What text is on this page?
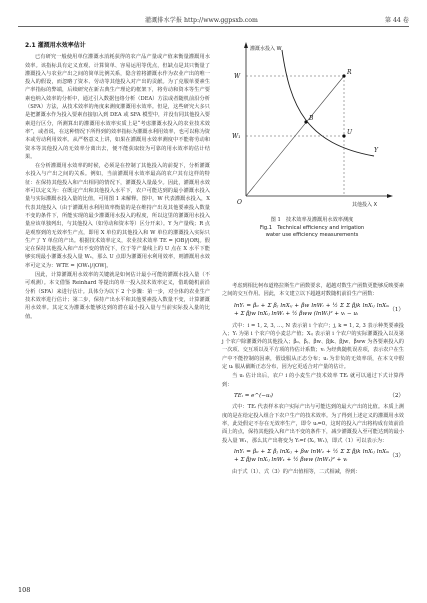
灌溉排水学报 http://www.ggpsxb.com	第 44 卷
2.1 灌溉用水效率估计

已有研究一般使用单位灌溉水消耗获得的农产品产量或产值来衡量灌溉用水效率。该指标具有定义直观、计算简单、容易运用等优点，但缺点是其只衡量了灌溉投入与农业产出之间的简单比例关系，隐含着将灌溉水作为农业产出的唯一投入的假设，而忽略了资本、劳动等其他投入对产出的贡献。为了克服单要素生产率指标的弊端，后续研究在新古典生产理论的框架下，将劳动和资本等生产要素也纳入效率的分析中，通过引入数据包络分析（DEA）方法或者随机前沿分析（SFA）方法，从技术效率的角度来测度灌溉用水效率。但是，这些研究大多只是把灌溉水作为投入要素直接加入到 DEA 或 SFA 模型中，并没有同其他投入要素进行区分，所测算出的灌溉用水效率实质上是“考虑灌溉水投入的农业技术效率”，或者说，在这种情况下所得到的效率指标为灌溉水利用效率，也可以称为资本或劳动利用效率。从严格意义上讲，如果在灌溉用水效率测度中不能将劳动和资本等其他投入的无效率分离出去，便不能获取较为可靠的用水效率的估计结果。

在分析灌溉用水效率的时候，必须是在控制了其他投入的前提下，分析灌溉水投入与产出之间的关系。例如，当前灌溉用水效率最高的农户其有这样的特征：在保持其他投入和产出相同的情况下，灌溉投入量最少。因此，灌溉用水效率可以定义为：在既定产出和其他投入水平下，农户可能达到的最小灌溉水投入量与实际灌溉水投入量的比值，可用图 1 来解释。图中，W 代表灌溉水投入，X 代表其他投入（由于灌溉用水利用效率衡量的是在维持产出及其他要素投入数量不变的条件下，所能实现的最少灌溉用水投入的程度，所以这里的灌溉用水投入量应该单独列出，与其他投入（如劳动和资本等）区分开来）。Y 为产量线；R 点是观察到的无效率生产点，即用 X 单位的其他投入和 W 单位的灌溉投入实际只生产了 Y 单位的产出。根据技术效率定义，农业技术效率 TE = |OB|/|OR|。假定在保持其他投入和产出不变的情况下，位于等产量线上的 U 点在 X 水平下能够实现最小灌溉水投入量 W₁，那么 U 点即为灌溉用水利用效率，则灌溉用水效率可定义为：WTE = |OW₁|/|OW|。

因此，计算灌溉用水效率的关键就是如何估计最小可能的灌溉水投入量（不可观测）。本文借鉴 Reinhard 等提出的单一投入技术效率定义，借助随机前沿分析（SFA）来进行估计。具体分为以下 2 个步骤：第一步，对全体的农业生产技术效率进行估计；第二步，保持产出水平和其他要素投入数量不变，计算灌溉用水效率。其定义为灌溉水能够达到的潜在最小投入量与当前实际投入量的比值。

灌溉水投入 W
其他投入 X
Y
R
B
U
W
W₁
O
图 1　技术效率及灌溉用水效率测度
Fig.1　Technical efficiency and irrigation
water use efficiency measurements

考虑到相比柯布道格拉斯生产函数要求，超越对数生产函数更能够反映要素之间的交互作用。因此，本文建立以下超越对数随机前沿生产函数：

lnYᵢ = β₀ + Σ βⱼ lnXᵢⱼ + βw lnWᵢ + ½ Σ Σ βjk lnXᵢⱼ lnXᵢₖ + Σ βjw lnXᵢⱼ lnWᵢ + ½ βww (lnWᵢ)² + vᵢ − uᵢ
（1）

式中：i = 1, 2, 3, …, N 表示第 i 个农户；j, k = 1, 2, 3 表示种类要素投入；Yᵢ 为第 i 个农户的小麦总产值；Xᵢⱼ 表示第 i 个农户的实际灌溉投入以及第 j 个农户除灌溉外的其他投入；β₀、βⱼ、βw、βjk、βjw、βww 为各要素投入的一次项、交互项以及平方项的待估计系数；vᵢ 为经典随机误差项，表示农户在生产中不能控制的因素，假设服从正态分布；uᵢ 为非负的无效率项，在本文中假定 uᵢ 服从截断正态分布，因为它更适合对产量的估计。

当 uᵢ 估计出后，农户 i 的小麦生产技术效率 TEᵢ 就可以通过下式计算得到：

TEᵢ = e^(−uᵢ)	（2）

式中：TEᵢ 代表样本农户实际产出与可能达到的最大产出的比值。本质上测度的是在给定投入组合下农户生产的技术效率。为了得到上述定义的灌溉用水效率，此处假定不存在无效率生产，即令 uᵢ=0，这时的投入产出将构成有效前沿面上的点，保持其他投入和产出不变的条件下，减少灌溉投入至可能达到的最小投入量 W₁，那么其产出将变为 Yᵢ=f (Xᵢ, W₁)，即式（1）可以表示为：

lnYᵢ = β₀ + Σ βⱼ lnXᵢⱼ + βw lnW₁ + ½ Σ Σ βjk lnXᵢⱼ lnXᵢₖ + Σ βjw lnXᵢⱼ lnW₁ + ½ βww (lnW₁)² + vᵢ
（3）

由于式（1）、式（3）的产出值相等，二式相减，得到：

108
